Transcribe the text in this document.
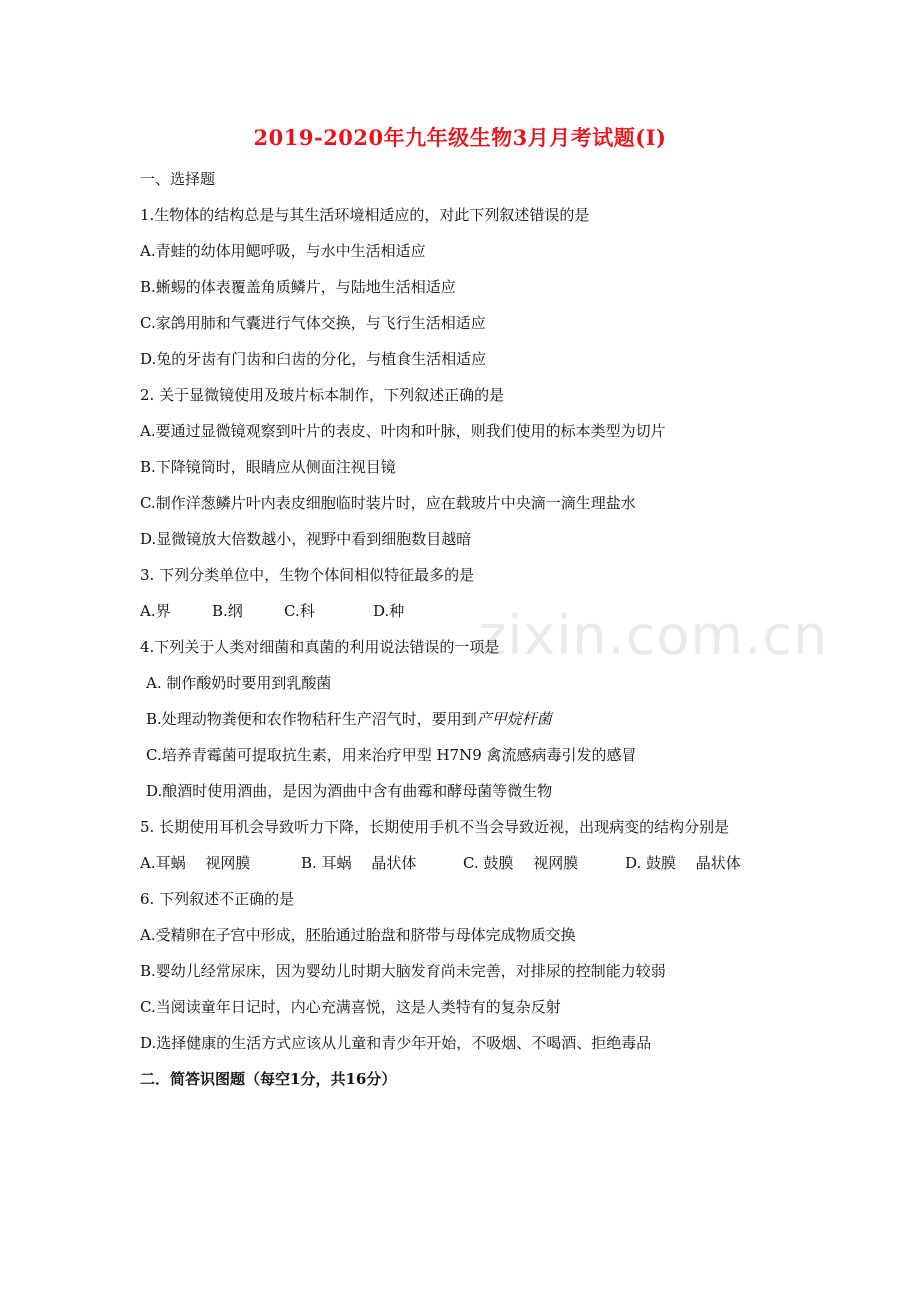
zixin.com.cn
2019-2020年九年级生物3月月考试题(I)
一、选择题
1.生物体的结构总是与其生活环境相适应的，对此下列叙述错误的是
A.青蛙的幼体用鳃呼吸，与水中生活相适应
B.蜥蜴的体表覆盖角质鳞片，与陆地生活相适应
C.家鸽用肺和气囊进行气体交换，与飞行生活相适应
D.兔的牙齿有门齿和臼齿的分化，与植食生活相适应
2. 关于显微镜使用及玻片标本制作，下列叙述正确的是
A.要通过显微镜观察到叶片的表皮、叶肉和叶脉，则我们使用的标本类型为切片
B.下降镜筒时，眼睛应从侧面注视目镜
C.制作洋葱鳞片叶内表皮细胞临时装片时，应在载玻片中央滴一滴生理盐水
D.显微镜放大倍数越小，视野中看到细胞数目越暗
3. 下列分类单位中，生物个体间相似特征最多的是
A.界	B.纲	C.科	D.种
4.下列关于人类对细菌和真菌的利用说法错误的一项是
A. 制作酸奶时要用到乳酸菌
B.处理动物粪便和农作物秸秆生产沼气时，要用到产甲烷杆菌
C.培养青霉菌可提取抗生素，用来治疗甲型 H7N9 禽流感病毒引发的感冒
D.酿酒时使用酒曲，是因为酒曲中含有曲霉和酵母菌等微生物
5. 长期使用耳机会导致听力下降，长期使用手机不当会导致近视，出现病变的结构分别是
A.耳蜗　 视网膜	B. 耳蜗　 晶状体	C. 鼓膜　 视网膜	D. 鼓膜　 晶状体
6. 下列叙述不正确的是
A.受精卵在子宫中形成，胚胎通过胎盘和脐带与母体完成物质交换
B.婴幼儿经常尿床，因为婴幼儿时期大脑发育尚未完善，对排尿的控制能力较弱
C.当阅读童年日记时，内心充满喜悦，这是人类特有的复杂反射
D.选择健康的生活方式应该从儿童和青少年开始，不吸烟、不喝酒、拒绝毒品
二．简答识图题（每空1分，共16分）
